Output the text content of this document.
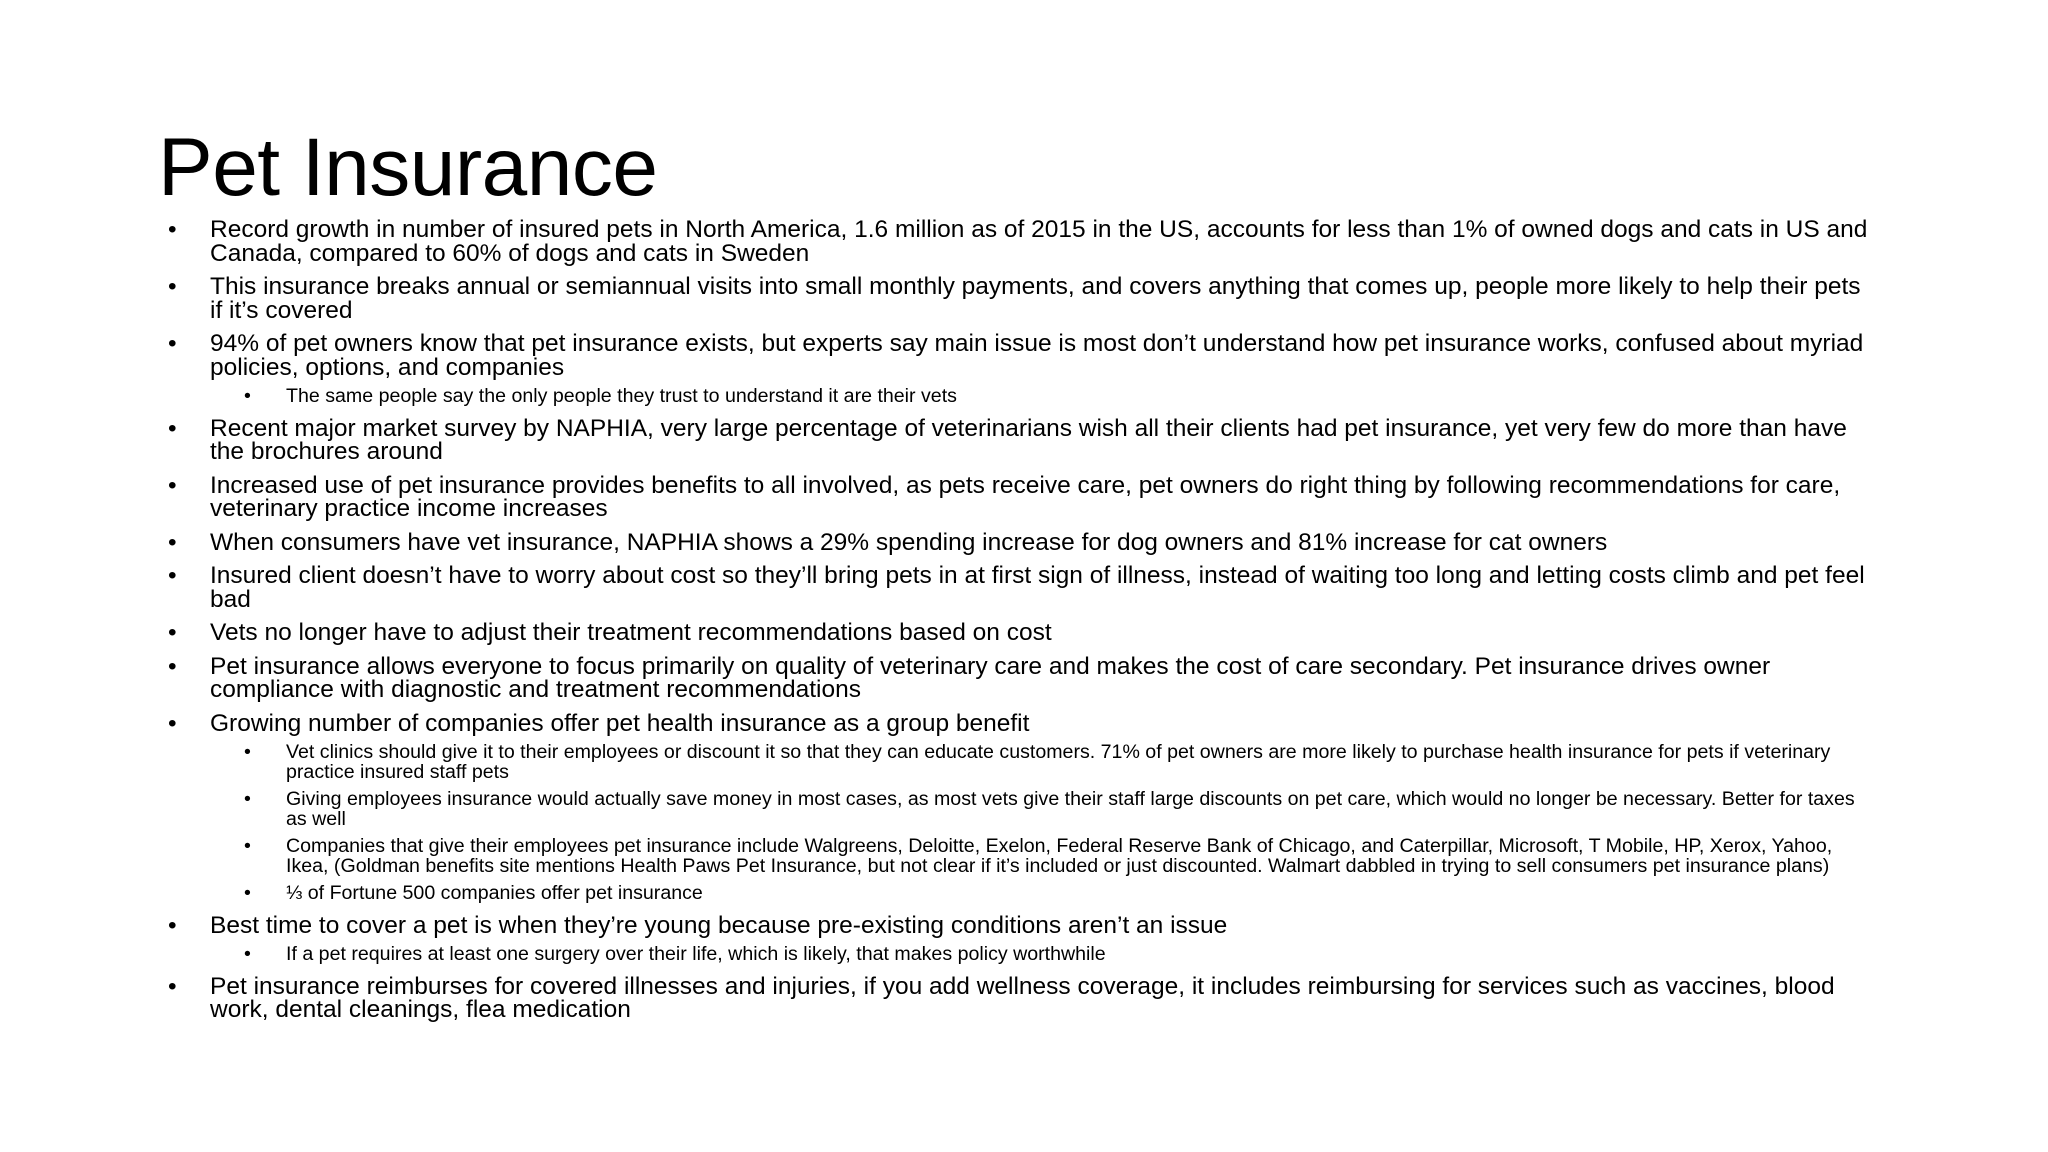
Pet Insurance
• Record growth in number of insured pets in North America, 1.6 million as of 2015 in the US, accounts for less than 1% of owned dogs and cats in US and Canada, compared to 60% of dogs and cats in Sweden
• This insurance breaks annual or semiannual visits into small monthly payments, and covers anything that comes up, people more likely to help their pets if it’s covered
• 94% of pet owners know that pet insurance exists, but experts say main issue is most don’t understand how pet insurance works, confused about myriad policies, options, and companies
• The same people say the only people they trust to understand it are their vets
• Recent major market survey by NAPHIA, very large percentage of veterinarians wish all their clients had pet insurance, yet very few do more than have the brochures around
• Increased use of pet insurance provides benefits to all involved, as pets receive care, pet owners do right thing by following recommendations for care, veterinary practice income increases
• When consumers have vet insurance, NAPHIA shows a 29% spending increase for dog owners and 81% increase for cat owners
• Insured client doesn’t have to worry about cost so they’ll bring pets in at first sign of illness, instead of waiting too long and letting costs climb and pet feel bad
• Vets no longer have to adjust their treatment recommendations based on cost
• Pet insurance allows everyone to focus primarily on quality of veterinary care and makes the cost of care secondary. Pet insurance drives owner compliance with diagnostic and treatment recommendations
• Growing number of companies offer pet health insurance as a group benefit
• Vet clinics should give it to their employees or discount it so that they can educate customers. 71% of pet owners are more likely to purchase health insurance for pets if veterinary practice insured staff pets
• Giving employees insurance would actually save money in most cases, as most vets give their staff large discounts on pet care, which would no longer be necessary. Better for taxes as well
• Companies that give their employees pet insurance include Walgreens, Deloitte, Exelon, Federal Reserve Bank of Chicago, and Caterpillar, Microsoft, T Mobile, HP, Xerox, Yahoo, Ikea, (Goldman benefits site mentions Health Paws Pet Insurance, but not clear if it’s included or just discounted. Walmart dabbled in trying to sell consumers pet insurance plans)
• ⅓ of Fortune 500 companies offer pet insurance
• Best time to cover a pet is when they’re young because pre-existing conditions aren’t an issue
• If a pet requires at least one surgery over their life, which is likely, that makes policy worthwhile
• Pet insurance reimburses for covered illnesses and injuries, if you add wellness coverage, it includes reimbursing for services such as vaccines, blood work, dental cleanings, flea medication
